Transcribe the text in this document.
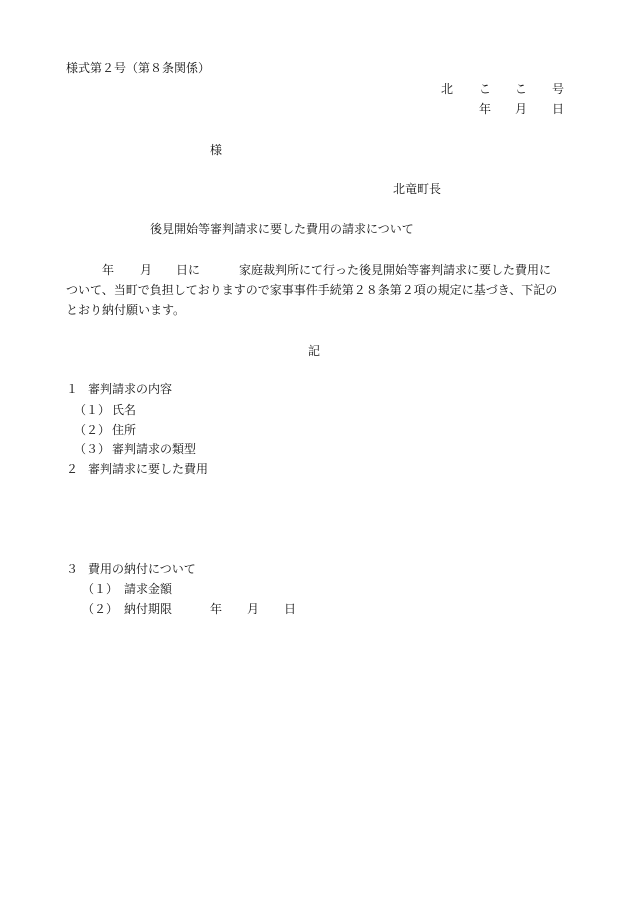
様式第２号（第８条関係）
北 こ こ 号
年 月 日
様
北竜町長
後見開始等審判請求に要した費用の請求について
年 月 日に	家庭裁判所にて行った後見開始等審判請求に要した費用に
ついて、当町で負担しておりますので家事事件手続第２８条第２項の規定に基づき、下記の
とおり納付願います。
記
１ 審判請求の内容
（１） 氏名
（２） 住所
（３） 審判請求の類型
２ 審判請求に要した費用
３ 費用の納付について
（１） 請求金額
（２） 納付期限	年 月 日
